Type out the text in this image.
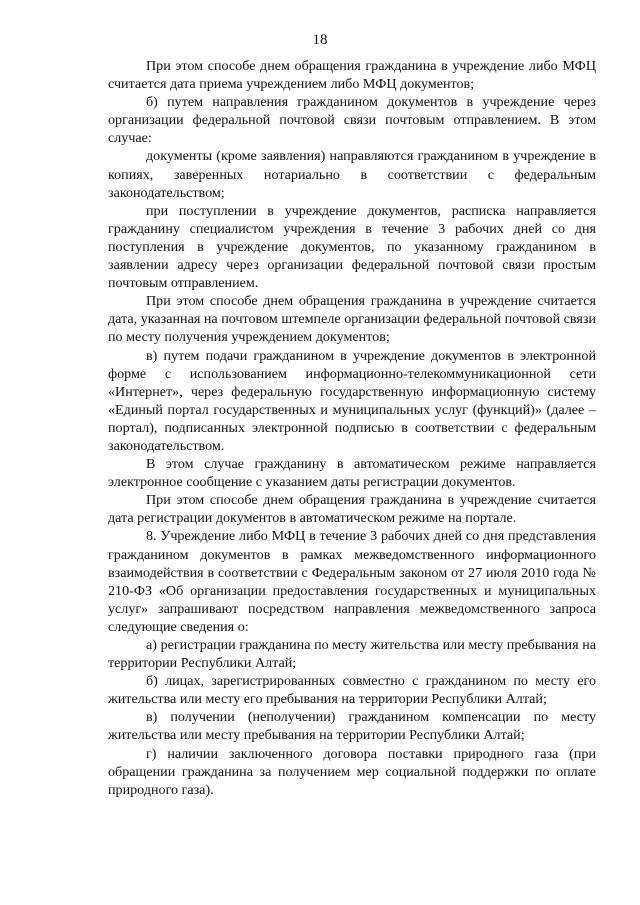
18

При этом способе днем обращения гражданина в учреждение либо МФЦ считается дата приема учреждением либо МФЦ документов;

б) путем направления гражданином документов в учреждение через организации федеральной почтовой связи почтовым отправлением. В этом случае:

документы (кроме заявления) направляются гражданином в учреждение в копиях, заверенных нотариально в соответствии с федеральным законодательством;

при поступлении в учреждение документов, расписка направляется гражданину специалистом учреждения в течение 3 рабочих дней со дня поступления в учреждение документов, по указанному гражданином в заявлении адресу через организации федеральной почтовой связи простым почтовым отправлением.

При этом способе днем обращения гражданина в учреждение считается дата, указанная на почтовом штемпеле организации федеральной почтовой связи по месту получения учреждением документов;

в) путем подачи гражданином в учреждение документов в электронной форме с использованием информационно-телекоммуникационной сети «Интернет», через федеральную государственную информационную систему «Единый портал государственных и муниципальных услуг (функций)» (далее – портал), подписанных электронной подписью в соответствии с федеральным законодательством.

В этом случае гражданину в автоматическом режиме направляется электронное сообщение с указанием даты регистрации документов.

При этом способе днем обращения гражданина в учреждение считается дата регистрации документов в автоматическом режиме на портале.

8. Учреждение либо МФЦ в течение 3 рабочих дней со дня представления гражданином документов в рамках межведомственного информационного взаимодействия в соответствии с Федеральным законом от 27 июля 2010 года № 210-ФЗ «Об организации предоставления государственных и муниципальных услуг» запрашивают посредством направления межведомственного запроса следующие сведения о:

а) регистрации гражданина по месту жительства или месту пребывания на территории Республики Алтай;

б) лицах, зарегистрированных совместно с гражданином по месту его жительства или месту его пребывания на территории Республики Алтай;

в) получении (неполучении) гражданином компенсации по месту жительства или месту пребывания на территории Республики Алтай;

г) наличии заключенного договора поставки природного газа (при обращении гражданина за получением мер социальной поддержки по оплате природного газа).
